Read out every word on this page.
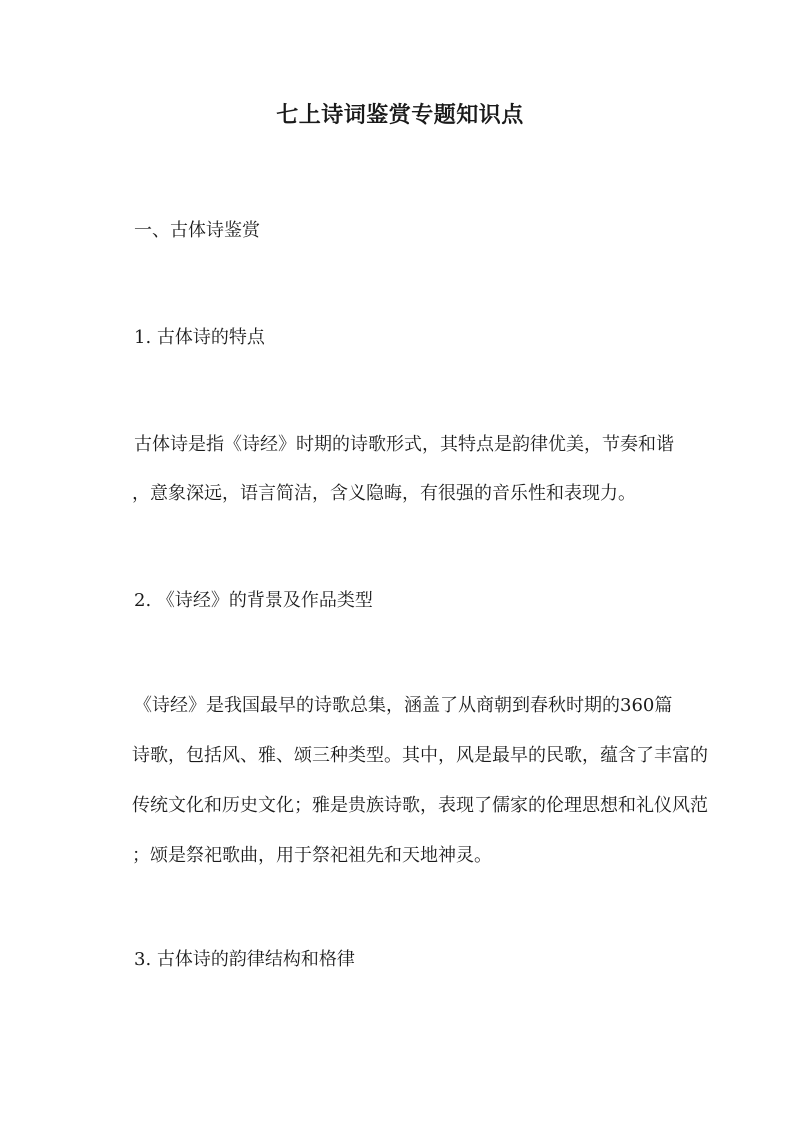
七上诗词鉴赏专题知识点
一、古体诗鉴赏
1. 古体诗的特点
古体诗是指《诗经》时期的诗歌形式，其特点是韵律优美，节奏和谐
，意象深远，语言简洁，含义隐晦，有很强的音乐性和表现力。
2. 《诗经》的背景及作品类型
《诗经》是我国最早的诗歌总集，涵盖了从商朝到春秋时期的360篇
诗歌，包括风、雅、颂三种类型。其中，风是最早的民歌，蕴含了丰富的
传统文化和历史文化；雅是贵族诗歌，表现了儒家的伦理思想和礼仪风范
；颂是祭祀歌曲，用于祭祀祖先和天地神灵。
3. 古体诗的韵律结构和格律
